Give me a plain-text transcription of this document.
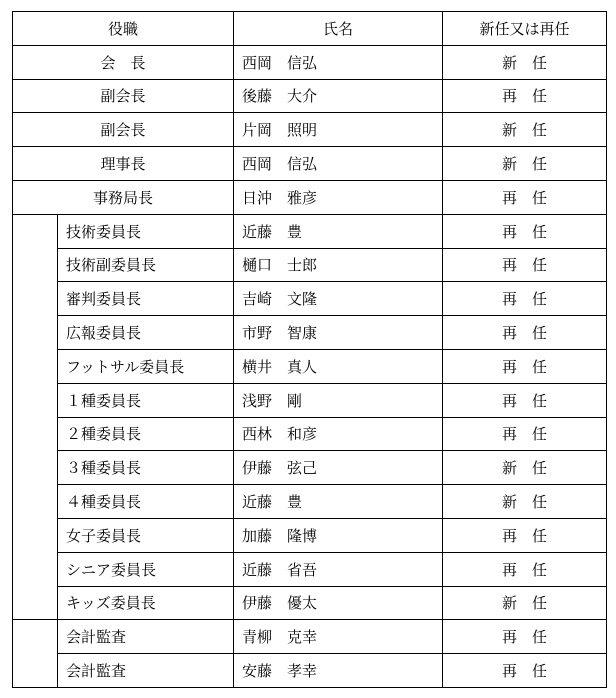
役職		氏名	新任又は再任
会　長		西岡　信弘	新　任
副会長		後藤　大介	再　任
副会長		片岡　照明	新　任
理事長		西岡　信弘	新　任
事務局長		日沖　雅彦	再　任
	技術委員長	近藤　豊	再　任
	技術副委員長	樋口　士郎	再　任
	審判委員長	吉崎　文隆	再　任
	広報委員長	市野　智康	再　任
	フットサル委員長	横井　真人	再　任
	１種委員長	浅野　剛	再　任
	２種委員長	西林　和彦	再　任
	３種委員長	伊藤　弦己	新　任
	４種委員長	近藤　豊	新　任
	女子委員長	加藤　隆博	再　任
	シニア委員長	近藤　省吾	再　任
	キッズ委員長	伊藤　優太	新　任
	会計監査	青柳　克幸	再　任
	会計監査	安藤　孝幸	再　任
